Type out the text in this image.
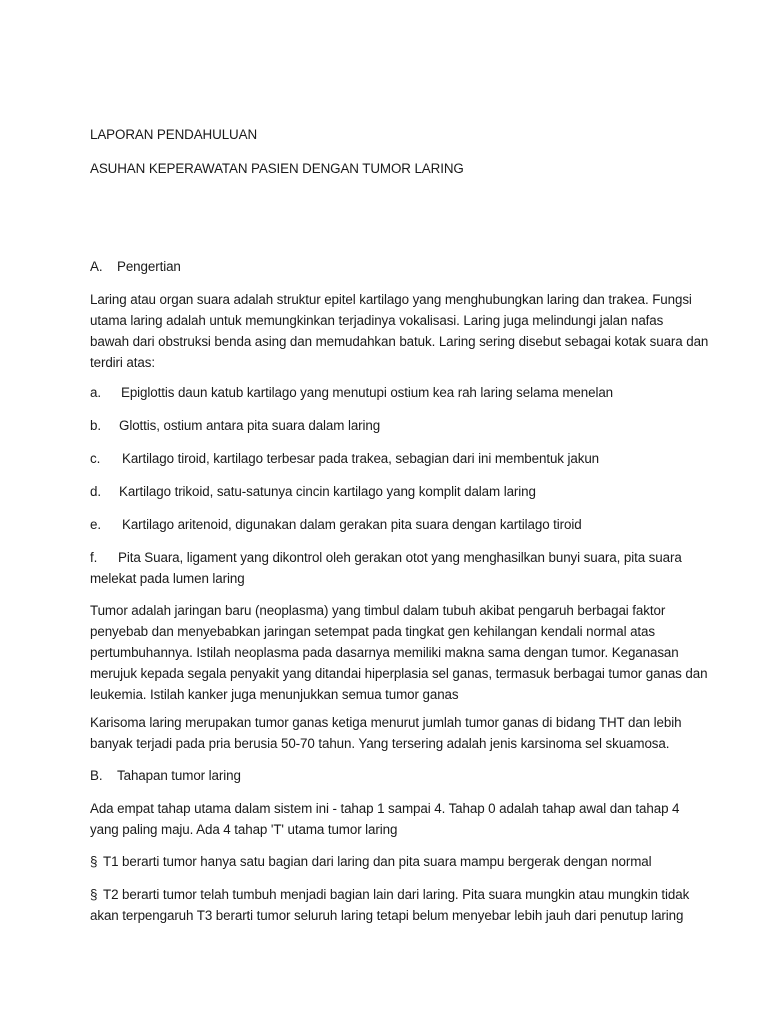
LAPORAN PENDAHULUAN
ASUHAN KEPERAWATAN PASIEN DENGAN TUMOR LARING
A. Pengertian
Laring atau organ suara adalah struktur epitel kartilago yang menghubungkan laring dan trakea. Fungsi
utama laring adalah untuk memungkinkan terjadinya vokalisasi. Laring juga melindungi jalan nafas
bawah dari obstruksi benda asing dan memudahkan batuk. Laring sering disebut sebagai kotak suara dan
terdiri atas:
a. Epiglottis daun katub kartilago yang menutupi ostium kea rah laring selama menelan
b. Glottis, ostium antara pita suara dalam laring
c. Kartilago tiroid, kartilago terbesar pada trakea, sebagian dari ini membentuk jakun
d. Kartilago trikoid, satu-satunya cincin kartilago yang komplit dalam laring
e. Kartilago aritenoid, digunakan dalam gerakan pita suara dengan kartilago tiroid
f. Pita Suara, ligament yang dikontrol oleh gerakan otot yang menghasilkan bunyi suara, pita suara
melekat pada lumen laring
Tumor adalah jaringan baru (neoplasma) yang timbul dalam tubuh akibat pengaruh berbagai faktor
penyebab dan menyebabkan jaringan setempat pada tingkat gen kehilangan kendali normal atas
pertumbuhannya. Istilah neoplasma pada dasarnya memiliki makna sama dengan tumor. Keganasan
merujuk kepada segala penyakit yang ditandai hiperplasia sel ganas, termasuk berbagai tumor ganas dan
leukemia. Istilah kanker juga menunjukkan semua tumor ganas
Karisoma laring merupakan tumor ganas ketiga menurut jumlah tumor ganas di bidang THT dan lebih
banyak terjadi pada pria berusia 50-70 tahun. Yang tersering adalah jenis karsinoma sel skuamosa.
B. Tahapan tumor laring
Ada empat tahap utama dalam sistem ini - tahap 1 sampai 4. Tahap 0 adalah tahap awal dan tahap 4
yang paling maju. Ada 4 tahap 'T' utama tumor laring
§ T1 berarti tumor hanya satu bagian dari laring dan pita suara mampu bergerak dengan normal
§ T2 berarti tumor telah tumbuh menjadi bagian lain dari laring. Pita suara mungkin atau mungkin tidak
akan terpengaruh T3 berarti tumor seluruh laring tetapi belum menyebar lebih jauh dari penutup laring
